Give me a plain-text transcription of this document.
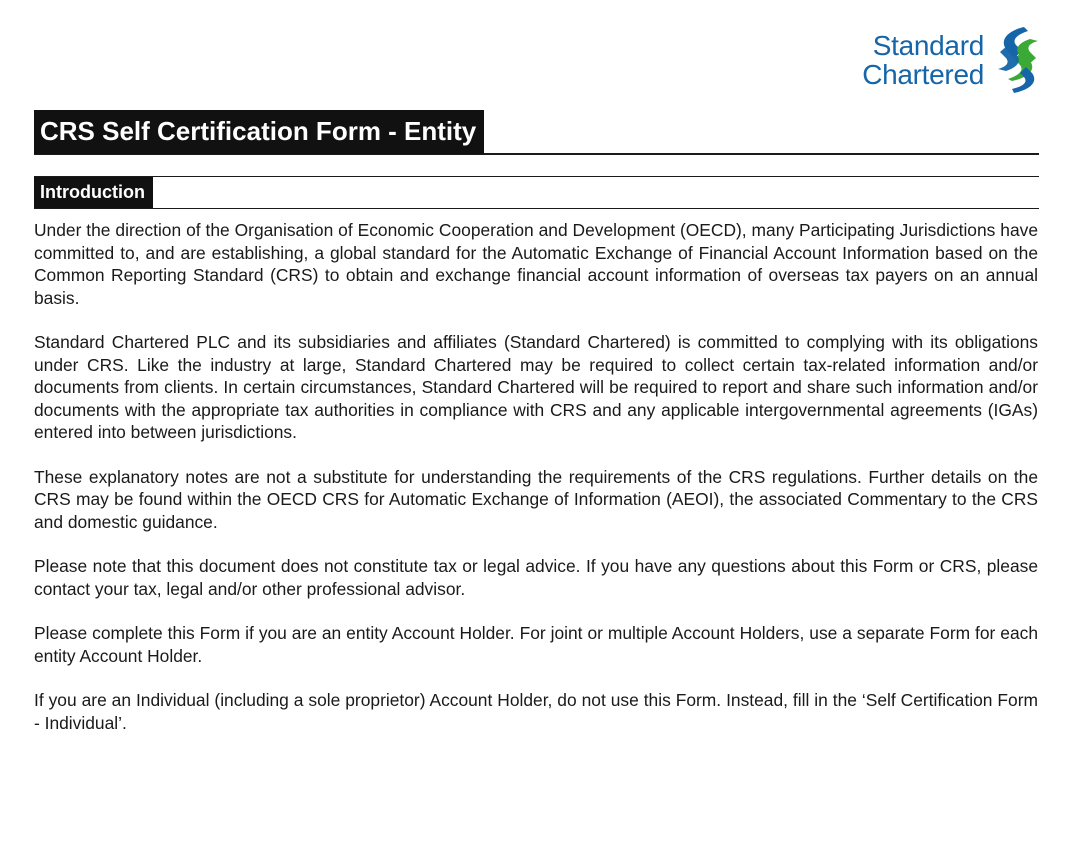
Standard
Chartered
CRS Self Certification Form - Entity
Introduction

Under the direction of the Organisation of Economic Cooperation and Development (OECD), many Participating Jurisdictions have committed to, and are establishing, a global standard for the Automatic Exchange of Financial Account Information based on the Common Reporting Standard (CRS) to obtain and exchange financial account information of overseas tax payers on an annual basis.

Standard Chartered PLC and its subsidiaries and affiliates (Standard Chartered) is committed to complying with its obligations under CRS. Like the industry at large, Standard Chartered may be required to collect certain tax-related information and/or documents from clients. In certain circumstances, Standard Chartered will be required to report and share such information and/or documents with the appropriate tax authorities in compliance with CRS and any applicable intergovernmental agreements (IGAs) entered into between jurisdictions.

These explanatory notes are not a substitute for understanding the requirements of the CRS regulations. Further details on the CRS may be found within the OECD CRS for Automatic Exchange of Information (AEOI), the associated Commentary to the CRS and domestic guidance.

Please note that this document does not constitute tax or legal advice. If you have any questions about this Form or CRS, please contact your tax, legal and/or other professional advisor.

Please complete this Form if you are an entity Account Holder. For joint or multiple Account Holders, use a separate Form for each entity Account Holder.

If you are an Individual (including a sole proprietor) Account Holder, do not use this Form. Instead, fill in the ‘Self Certification Form - Individual’.
